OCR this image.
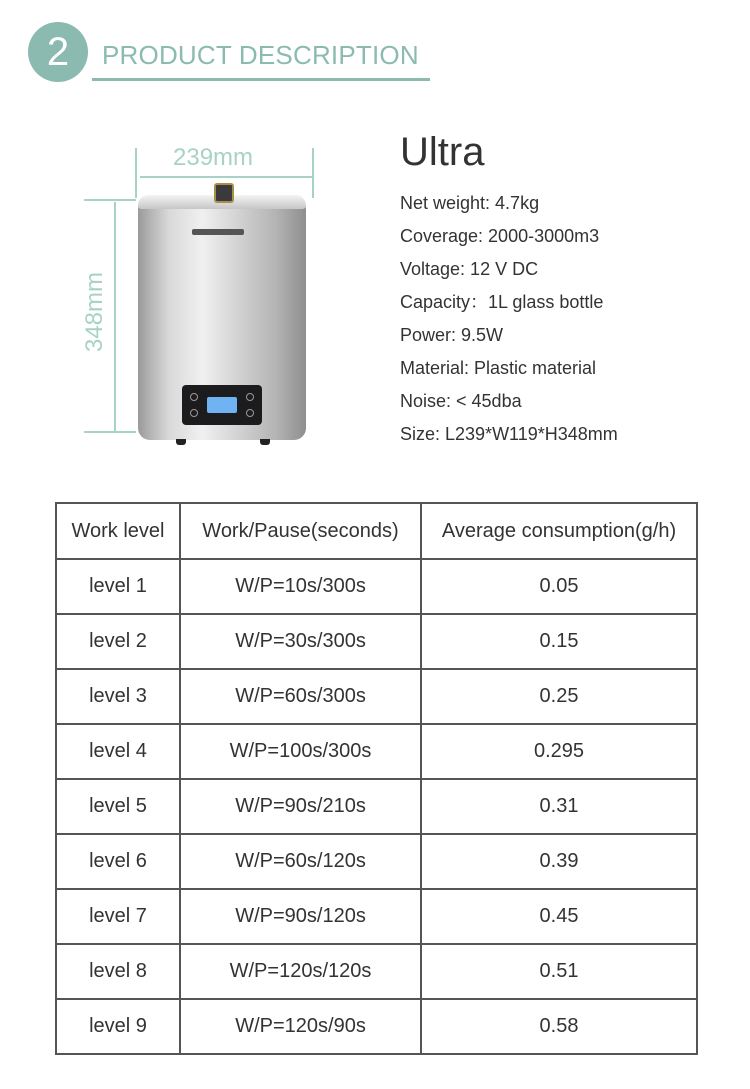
2	PRODUCT DESCRIPTION
239mm
348mm
Ultra
Net weight: 4.7kg
Coverage: 2000-3000m3
Voltage: 12 V DC
Capacity：1L glass bottle
Power: 9.5W
Material: Plastic material
Noise: < 45dba
Size: L239*W119*H348mm
Work level	Work/Pause(seconds)	Average consumption(g/h)
level 1	W/P=10s/300s	0.05
level 2	W/P=30s/300s	0.15
level 3	W/P=60s/300s	0.25
level 4	W/P=100s/300s	0.295
level 5	W/P=90s/210s	0.31
level 6	W/P=60s/120s	0.39
level 7	W/P=90s/120s	0.45
level 8	W/P=120s/120s	0.51
level 9	W/P=120s/90s	0.58
